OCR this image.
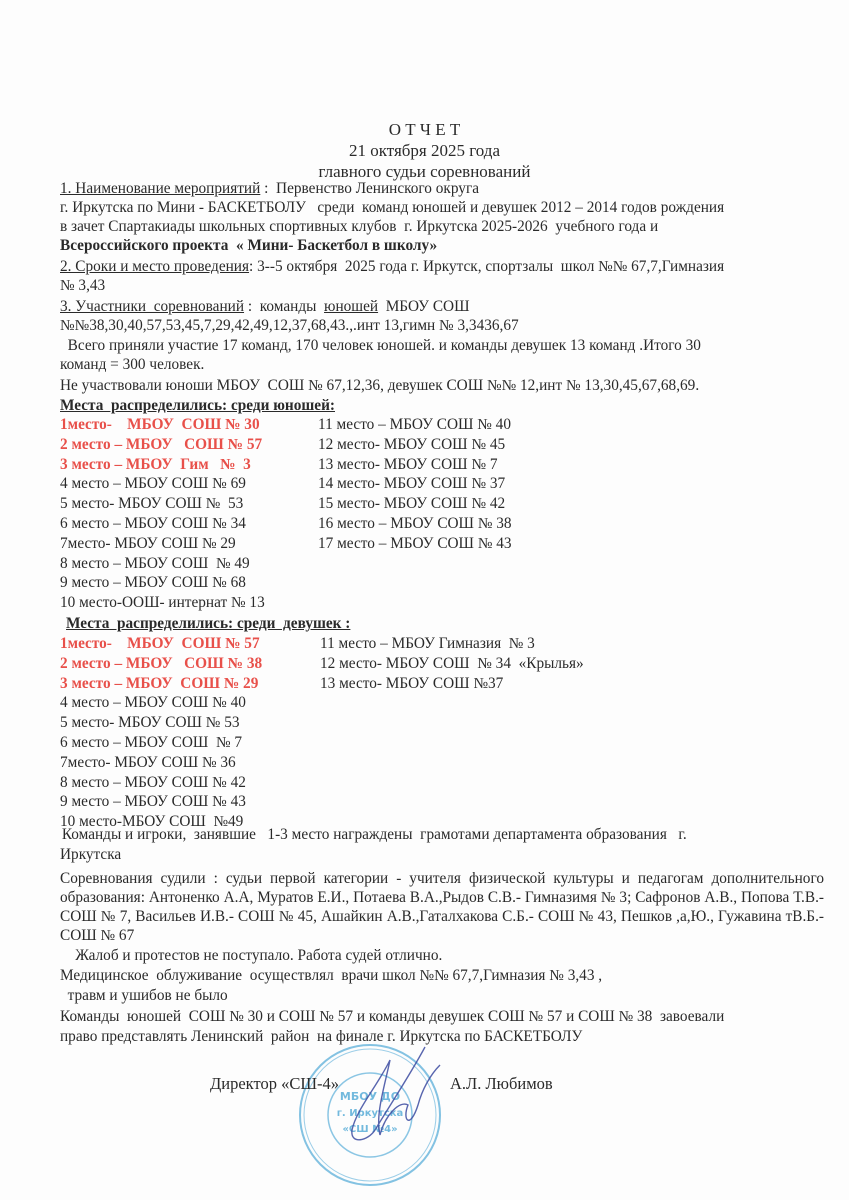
О Т Ч Е Т
21 октября 2025 года
главного судьи соревнований
1. Наименование мероприятий :  Первенство Ленинского округа
г. Иркутска по Мини - БАСКЕТБОЛУ   среди  команд юношей и девушек 2012 – 2014 годов рождения
в зачет Спартакиады школьных спортивных клубов  г. Иркутска 2025-2026  учебного года и
Всероссийского проекта  « Мини- Баскетбол в школу»
2. Сроки и место проведения: 3--5 октября  2025 года г. Иркутск, спортзалы  школ №№ 67,7,Гимназия
№ 3,43
3. Участники  соревнований :  команды  юношей  МБОУ СОШ
№№38,30,40,57,53,45,7,29,42,49,12,37,68,43.,.инт 13,гимн № 3,3436,67
Всего приняли участие 17 команд, 170 человек юношей. и команды девушек 13 команд .Итого 30
команд = 300 человек.
Не участвовали юноши МБОУ  СОШ № 67,12,36, девушек СОШ №№ 12,инт № 13,30,45,67,68,69.
Места  распределились: среди юношей:
1место-    МБОУ  СОШ № 30
2 место – МБОУ   СОШ № 57
3 место – МБОУ  Гим   №  3
4 место – МБОУ СОШ № 69
5 место- МБОУ СОШ №  53
6 место – МБОУ СОШ № 34
7место- МБОУ СОШ № 29
8 место – МБОУ СОШ  № 49
9 место – МБОУ СОШ № 68
10 место-ООШ- интернат № 13
11 место – МБОУ СОШ № 40
12 место- МБОУ СОШ № 45
13 место- МБОУ СОШ № 7
14 место- МБОУ СОШ № 37
15 место- МБОУ СОШ № 42
16 место – МБОУ СОШ № 38
17 место – МБОУ СОШ № 43
Места  распределились: среди  девушек :
1место-    МБОУ  СОШ № 57
2 место – МБОУ   СОШ № 38
3 место – МБОУ  СОШ № 29
4 место – МБОУ СОШ № 40
5 место- МБОУ СОШ № 53
6 место – МБОУ СОШ  № 7
7место- МБОУ СОШ № 36
8 место – МБОУ СОШ № 42
9 место – МБОУ СОШ № 43
10 место-МБОУ СОШ  №49
11 место – МБОУ Гимназия  № 3
12 место- МБОУ СОШ  № 34  «Крылья»
13 место- МБОУ СОШ №37
Команды и игроки,  занявшие   1-3 место награждены  грамотами департамента образования   г.
Иркутска
Соревнования судили : судьи первой категории - учителя физической культуры и педагогам дополнительного образования: Антоненко А.А, Муратов Е.И., Потаева В.А.,Рыдов С.В.- Гимназимя № 3; Сафронов А.В., Попова Т.В.- СОШ № 7, Васильев И.В.- СОШ № 45, Ашайкин А.В.,Гаталхакова С.Б.- СОШ № 43, Пешков ,а,Ю., Гужавина тВ.Б.- СОШ № 67
Жалоб и протестов не поступало. Работа судей отлично.
Медицинское  облуживание  осуществлял  врачи школ №№ 67,7,Гимназия № 3,43 ,
травм и ушибов не было
Команды  юношей  СОШ № 30 и СОШ № 57 и команды девушек СОШ № 57 и СОШ № 38  завоевали
право представлять Ленинский  район  на финале г. Иркутска по БАСКЕТБОЛУ
МБОУ ДО
г. Иркутска
«СШ №4»
Директор «СШ-4»	А.Л. Любимов
